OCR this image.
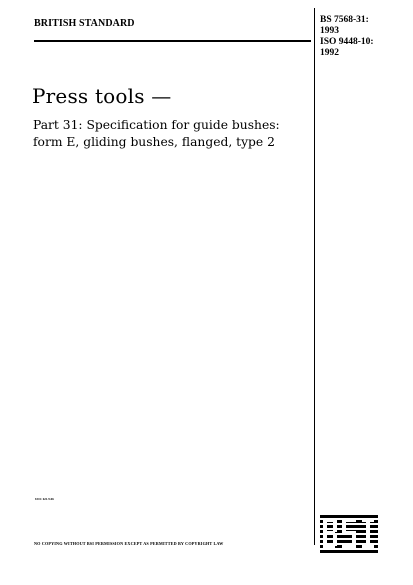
BRITISH STANDARD	BS 7568-31:
1993
ISO 9448-10:
1992
Press tools —
Part 31: Specification for guide bushes:
form E, gliding bushes, flanged, type 2
UDC 621.9.06
NO COPYING WITHOUT BSI PERMISSION EXCEPT AS PERMITTED BY COPYRIGHT LAW
